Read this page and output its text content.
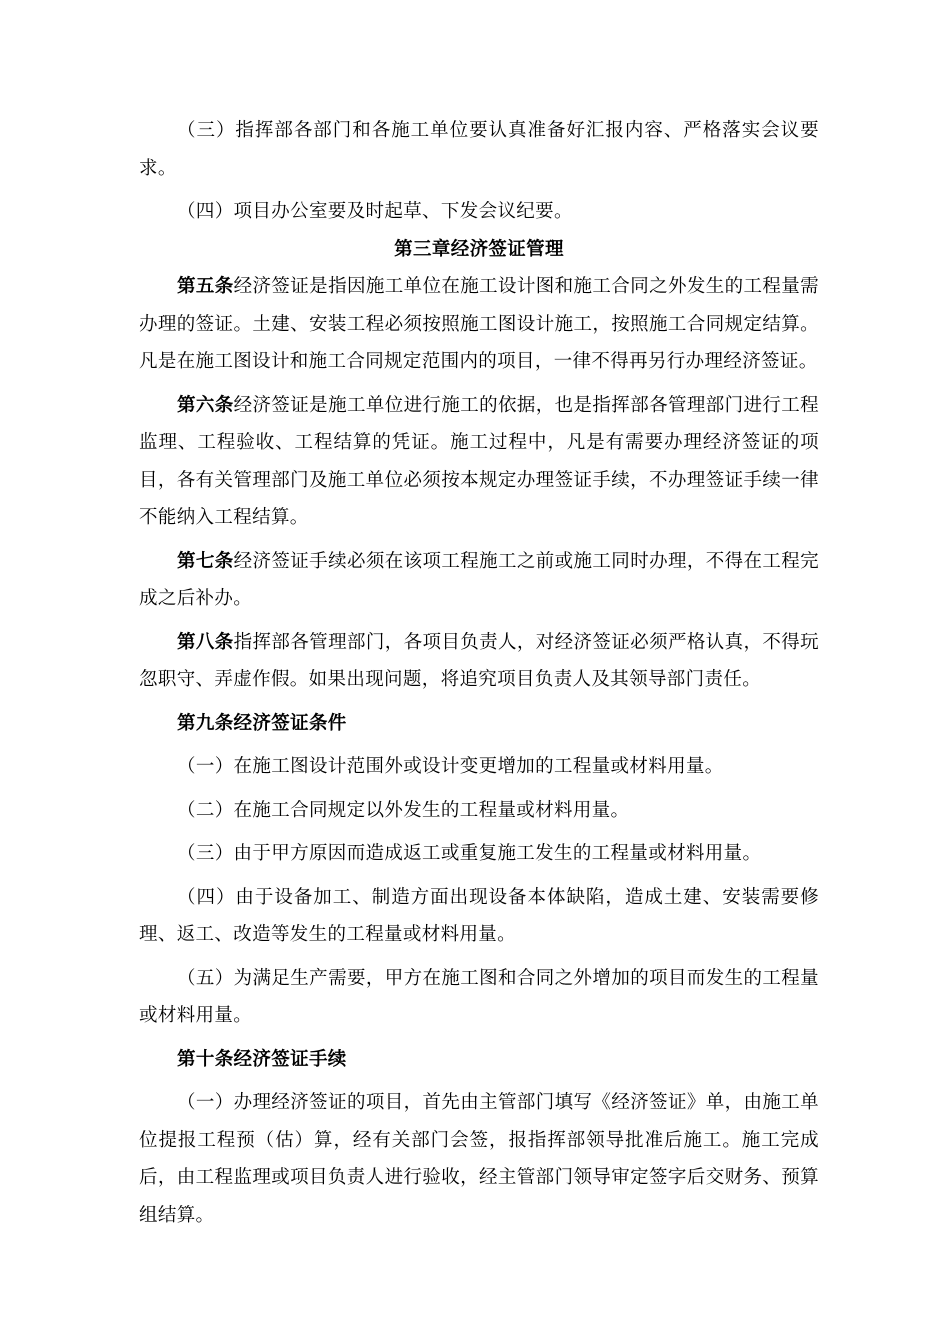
（三）指挥部各部门和各施工单位要认真准备好汇报内容、严格落实会议要求。

（四）项目办公室要及时起草、下发会议纪要。

第三章经济签证管理

第五条经济签证是指因施工单位在施工设计图和施工合同之外发生的工程量需办理的签证。土建、安装工程必须按照施工图设计施工，按照施工合同规定结算。凡是在施工图设计和施工合同规定范围内的项目，一律不得再另行办理经济签证。

第六条经济签证是施工单位进行施工的依据，也是指挥部各管理部门进行工程监理、工程验收、工程结算的凭证。施工过程中，凡是有需要办理经济签证的项目，各有关管理部门及施工单位必须按本规定办理签证手续，不办理签证手续一律不能纳入工程结算。

第七条经济签证手续必须在该项工程施工之前或施工同时办理，不得在工程完成之后补办。

第八条指挥部各管理部门，各项目负责人，对经济签证必须严格认真，不得玩忽职守、弄虚作假。如果出现问题，将追究项目负责人及其领导部门责任。

第九条经济签证条件

（一）在施工图设计范围外或设计变更增加的工程量或材料用量。

（二）在施工合同规定以外发生的工程量或材料用量。

（三）由于甲方原因而造成返工或重复施工发生的工程量或材料用量。

（四）由于设备加工、制造方面出现设备本体缺陷，造成土建、安装需要修理、返工、改造等发生的工程量或材料用量。

（五）为满足生产需要，甲方在施工图和合同之外增加的项目而发生的工程量或材料用量。

第十条经济签证手续

（一）办理经济签证的项目，首先由主管部门填写《经济签证》单，由施工单位提报工程预（估）算，经有关部门会签，报指挥部领导批准后施工。施工完成后，由工程监理或项目负责人进行验收，经主管部门领导审定签字后交财务、预算组结算。
